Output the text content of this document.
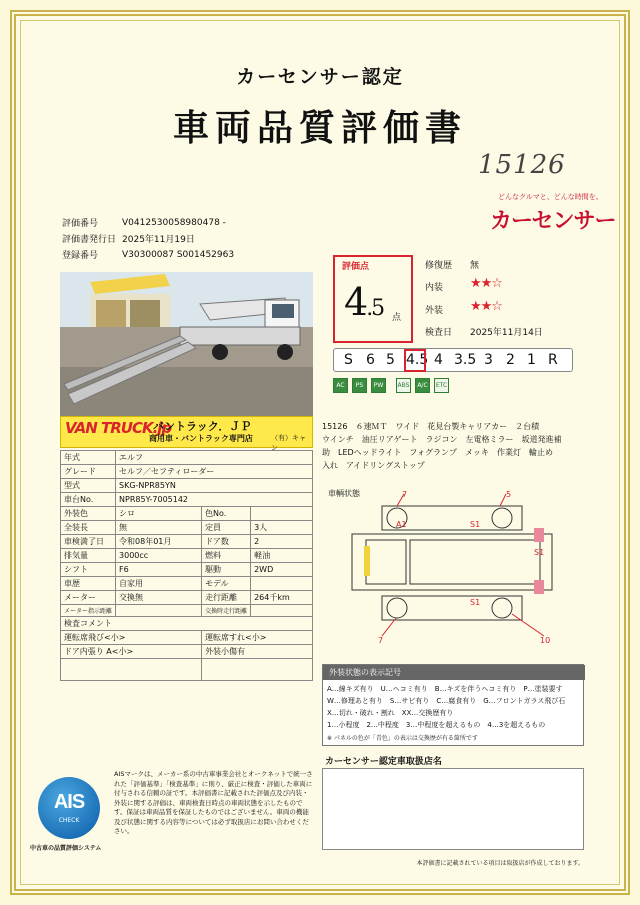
カーセンサー認定
車両品質評価書
15126
どんなクルマと、どんな時間を。
カーセンサー
評価番号	V0412530058980478 -
評価書発行日	2025年11月19日
登録番号	V30300087 S001452963
VAN TRUCK.jp
バントラック．ＪＰ
商用車・バントラック専門店	（有）キャン
年式	エルフ		
グレード	セルフ／セフティローダー		
型式	SKG-NPR85YN		
車台No.	NPR85Y-7005142		
外装色	シロ	色No.	
全装長	無	定員	3人
車検満了日	令和08年01月	ドア数	2
排気量	3000cc	燃料	軽油
シフト	F6	駆動	2WD
車歴	自家用	モデル	
メーター	交換無	走行距離	264千km
メーター指示距離		交換時走行距離	
検査コメント			
運転席飛び<小>		運転席すれ<小>	
ドア内張り A<小>		外装小傷有	

評価点
4.5 点
修復歴 無
内装 ★★☆
外装 ★★☆
検査日 2025年11月14日
S 6 5 4.5 4 3.5 3 2 1 R
AC	PS	PW	ABS	A/C	ETC
15126　６速ＭＴ　ワイド　花見台製キャリアカー　２台積
ウインチ　油圧リアゲート　ラジコン　左電格ミラー　坂道発進補
助　LEDヘッドライト　フォグランプ　メッキ　作業灯　輪止め
入れ　アイドリングストップ
車輌状態	7	5
A1	S1
S1
S1
7	10
外装状態の表示記号
A…線キズ有り　U…ヘコミ有り　B…キズを伴うヘコミ有り　P…塗装要す
W…修理あと有り　S…サビ有り　C…腐食有り　G…フロントガラス飛び石
X…切れ・破れ・割れ　XX…交換歴有り
1…小程度　2…中程度　3…中程度を超えるもの　4…3を超えるもの
※ パネルの色が「青色」の表示は交換歴が有る箇所です
カーセンサー認定車取扱店名
本評価書に記載されている項目は取扱店が作成しております。
AIS
CHECK
中古車の品質評価システム
AISマークは、メーカー系の中古車事業会社とオークネットで統一された「評価基準」「検査基準」に則り、厳正に検査・評価した車両に付与される信頼の証です。本評価書に記載された評価点及び内装・外装に関する評価は、車両検査日時点の車両状態を示したものです。保証は車両品質を保証したものではございません。車両の機能及び状態に関する内容等については必ず取扱店にお問い合わせください。
